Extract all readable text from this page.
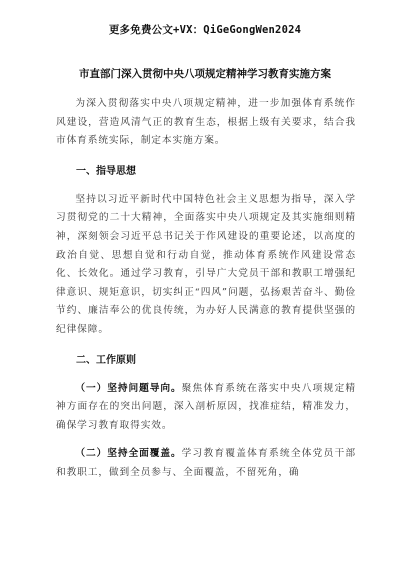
更多免费公文+VX：QiGeGongWen2024
市直部门深入贯彻中央八项规定精神学习教育实施方案

为深入贯彻落实中央八项规定精神，进一步加强体育系统作风建设，营造风清气正的教育生态，根据上级有关要求，结合我市体育系统实际，制定本实施方案。

一、指导思想

坚持以习近平新时代中国特色社会主义思想为指导，深入学习贯彻党的二十大精神，全面落实中央八项规定及其实施细则精神，深刻领会习近平总书记关于作风建设的重要论述，以高度的政治自觉、思想自觉和行动自觉，推动体育系统作风建设常态化、长效化。通过学习教育，引导广大党员干部和教职工增强纪律意识、规矩意识，切实纠正“四风”问题，弘扬艰苦奋斗、勤俭节约、廉洁奉公的优良传统，为办好人民满意的教育提供坚强的纪律保障。

二、工作原则

（一）坚持问题导向。聚焦体育系统在落实中央八项规定精神方面存在的突出问题，深入剖析原因，找准症结，精准发力，确保学习教育取得实效。

（二）坚持全面覆盖。学习教育覆盖体育系统全体党员干部和教职工，做到全员参与、全面覆盖，不留死角，确
